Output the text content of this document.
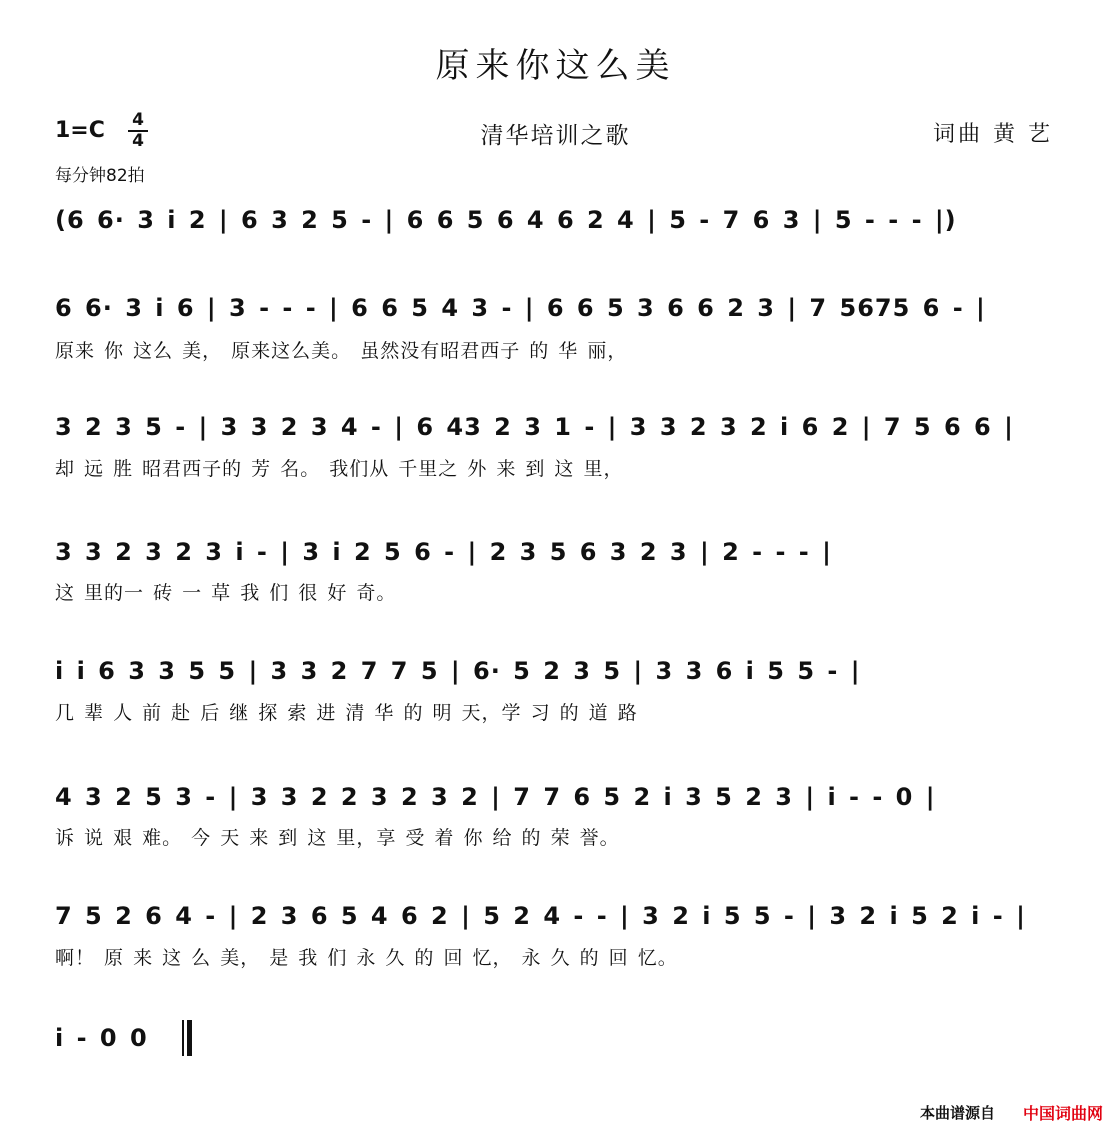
原来你这么美
1=C 4
4	清华培训之歌	词曲 黄 艺
每分钟82拍
(6 6· 3 i 2 | 6 3 2 5 - | 6 6 5 6 4 6 2 4 | 5 - 7 6 3 | 5 - - - |)
6 6· 3 i 6 | 3 - - - | 6 6 5 4 3 - | 6 6 5 3 6 6 2 3 | 7 5675 6 - |
原来 你 这么 美， 原来这么美。 虽然没有昭君西子 的 华 丽，
3 2 3 5 - | 3 3 2 3 4 - | 6 43 2 3 1 - | 3 3 2 3 2 i 6 2 | 7 5 6 6 |
却 远 胜 昭君西子的 芳 名。 我们从 千里之 外 来 到 这 里，
3 3 2 3 2 3 i - | 3 i 2 5 6 - | 2 3 5 6 3 2 3 | 2 - - - |
这 里的一 砖 一 草 我 们 很 好 奇。
i i 6 3 3 5 5 | 3 3 2 7 7 5 | 6· 5 2 3 5 | 3 3 6 i 5 5 - |
几 辈 人 前 赴 后 继 探 索 进 清 华 的 明 天，学 习 的 道 路
4 3 2 5 3 - | 3 3 2 2 3 2 3 2 | 7 7 6 5 2 i 3 5 2 3 | i - - 0 |
诉 说 艰 难。 今 天 来 到 这 里，享 受 着 你 给 的 荣 誉。
7 5 2 6 4 - | 2 3 6 5 4 6 2 | 5 2 4 - - | 3 2 i 5 5 - | 3 2 i 5 2 i - |
啊！ 原 来 这 么 美， 是 我 们 永 久 的 回 忆， 永 久 的 回 忆。
i - 0 0
本曲谱源自 中国词曲网
